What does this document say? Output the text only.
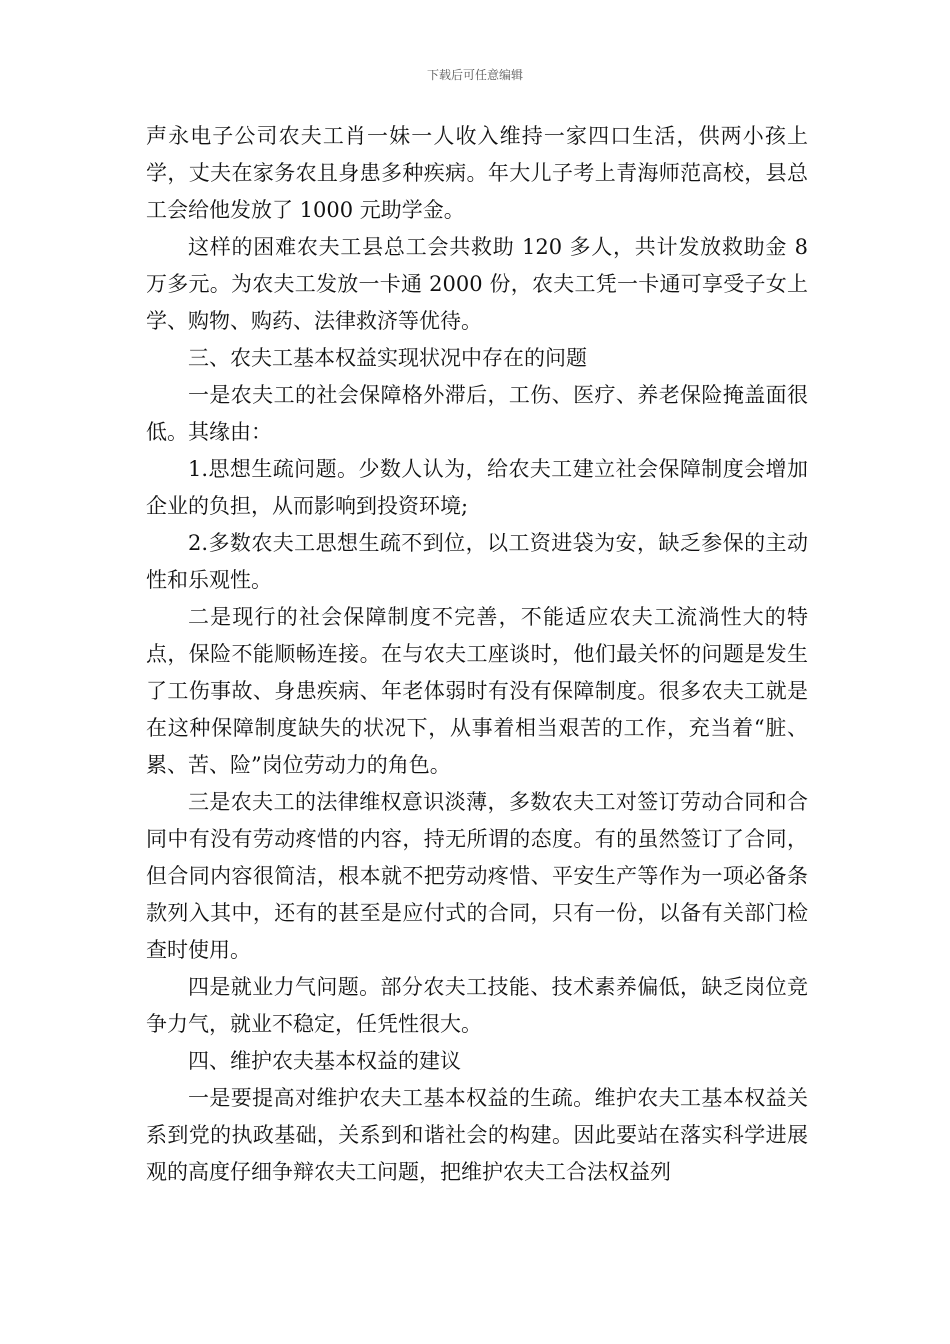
下载后可任意编辑

声永电子公司农夫工肖一妹一人收入维持一家四口生活，供两小孩上学，丈夫在家务农且身患多种疾病。年大儿子考上青海师范高校，县总工会给他发放了 1000 元助学金。

这样的困难农夫工县总工会共救助 120 多人，共计发放救助金 8 万多元。为农夫工发放一卡通 2000 份，农夫工凭一卡通可享受子女上学、购物、购药、法律救济等优待。

三、农夫工基本权益实现状况中存在的问题

一是农夫工的社会保障格外滞后，工伤、医疗、养老保险掩盖面很低。其缘由：

1.思想生疏问题。少数人认为，给农夫工建立社会保障制度会增加企业的负担，从而影响到投资环境;

2.多数农夫工思想生疏不到位，以工资进袋为安，缺乏参保的主动性和乐观性。

二是现行的社会保障制度不完善，不能适应农夫工流淌性大的特点，保险不能顺畅连接。在与农夫工座谈时，他们最关怀的问题是发生了工伤事故、身患疾病、年老体弱时有没有保障制度。很多农夫工就是在这种保障制度缺失的状况下，从事着相当艰苦的工作，充当着“脏、累、苦、险”岗位劳动力的角色。

三是农夫工的法律维权意识淡薄，多数农夫工对签订劳动合同和合同中有没有劳动疼惜的内容，持无所谓的态度。有的虽然签订了合同，但合同内容很简洁，根本就不把劳动疼惜、平安生产等作为一项必备条款列入其中，还有的甚至是应付式的合同，只有一份，以备有关部门检查时使用。

四是就业力气问题。部分农夫工技能、技术素养偏低，缺乏岗位竞争力气，就业不稳定，任凭性很大。

四、维护农夫基本权益的建议

一是要提高对维护农夫工基本权益的生疏。维护农夫工基本权益关系到党的执政基础，关系到和谐社会的构建。因此要站在落实科学进展观的高度仔细争辩农夫工问题，把维护农夫工合法权益列
